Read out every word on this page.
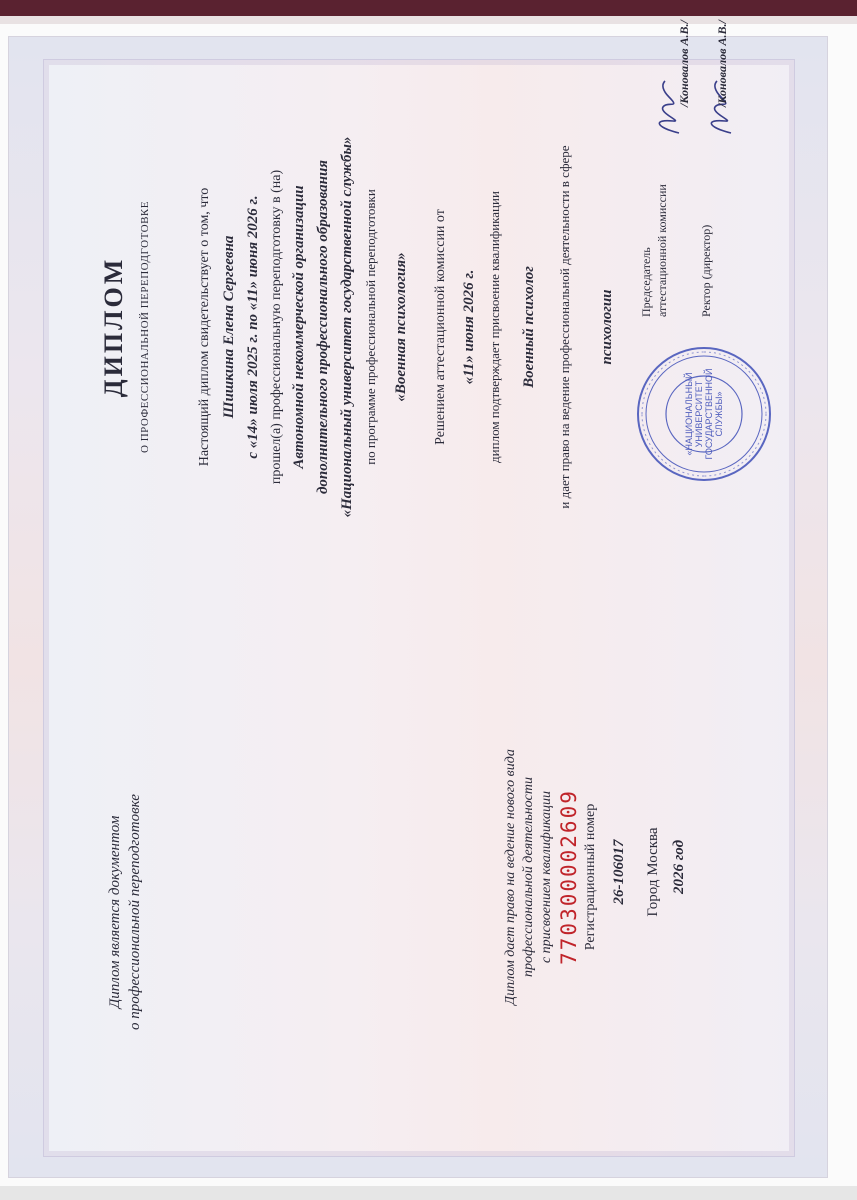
Диплом является документом о профессиональной переподготовке	Диплом дает право на ведение нового вида профессиональной деятельности с присвоением квалификации 770300002609 Регистрационный номер 26-106017 Город Москва 2026 год
ДИПЛОМ О ПРОФЕССИОНАЛЬНОЙ ПЕРЕПОДГОТОВКЕ	Настоящий диплом свидетельствует о том, что Шишкина Елена Сергеевна с «14» июля 2025 г. по «11» июня 2026 г. прошел(а) профессиональную переподготовку в (на) Автономной некоммерческой организации дополнительного профессионального образования «Национальный университет государственной службы» по программе профессиональной переподготовки «Военная психология» Решением аттестационной комиссии от «11» июня 2026 г. диплом подтверждает присвоение квалификации Военный психолог и дает право на ведение профессиональной деятельности в сфере психологии
Председатель аттестационной комиссии	Ректор (директор)
/Коновалов А.В./ /Коновалов А.В./
«НАЦИОНАЛЬНЫЙ УНИВЕРСИТЕТ ГОСУДАРСТВЕННОЙ СЛУЖБЫ»
